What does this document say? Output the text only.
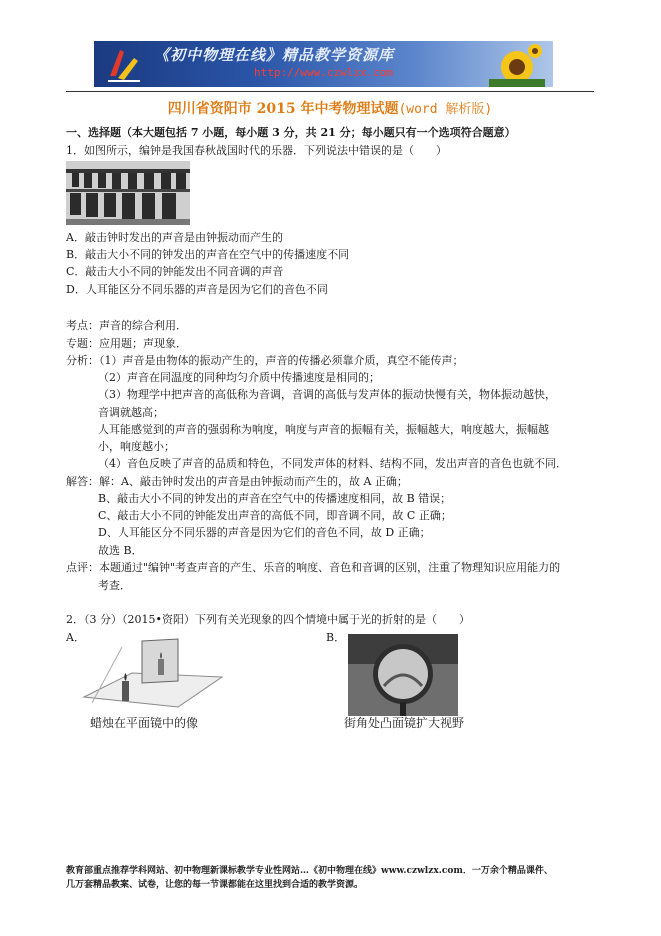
《初中物理在线》精品教学资源库
http://www.czwlzx.com
四川省资阳市 2015 年中考物理试题(word 解析版)
一、选择题（本大题包括 7 小题，每小题 3 分，共 21 分；每小题只有一个选项符合题意）
1．如图所示，编钟是我国春秋战国时代的乐器．下列说法中错误的是（　　）
A．敲击钟时发出的声音是由钟振动而产生的
B．敲击大小不同的钟发出的声音在空气中的传播速度不同
C．敲击大小不同的钟能发出不同音调的声音
D．人耳能区分不同乐器的声音是因为它们的音色不同
考点：声音的综合利用．
专题：应用题；声现象．
分析：（1）声音是由物体的振动产生的，声音的传播必须靠介质，真空不能传声；
（2）声音在同温度的同种均匀介质中传播速度是相同的；
（3）物理学中把声音的高低称为音调，音调的高低与发声体的振动快慢有关，物体振动越快，
音调就越高；
人耳能感觉到的声音的强弱称为响度，响度与声音的振幅有关，振幅越大，响度越大，振幅越
小，响度越小；
（4）音色反映了声音的品质和特色，不同发声体的材料、结构不同，发出声音的音色也就不同．
解答：解：A、敲击钟时发出的声音是由钟振动而产生的，故 A 正确；
B、敲击大小不同的钟发出的声音在空气中的传播速度相同，故 B 错误；
C、敲击大小不同的钟能发出声音的高低不同，即音调不同，故 C 正确；
D、人耳能区分不同乐器的声音是因为它们的音色不同，故 D 正确；
故选 B．
点评：本题通过"编钟"考查声音的产生、乐音的响度、音色和音调的区别，注重了物理知识应用能力的
考查．
2．（3 分）（2015•资阳）下列有关光现象的四个情境中属于光的折射的是（　　）
A．	B．
蜡烛在平面镜中的像	街角处凸面镜扩大视野
教育部重点推荐学科网站、初中物理新课标教学专业性网站…《初中物理在线》www.czwlzx.com．一万余个精品课件、
几万套精品教案、试卷，让您的每一节课都能在这里找到合适的教学资源。
